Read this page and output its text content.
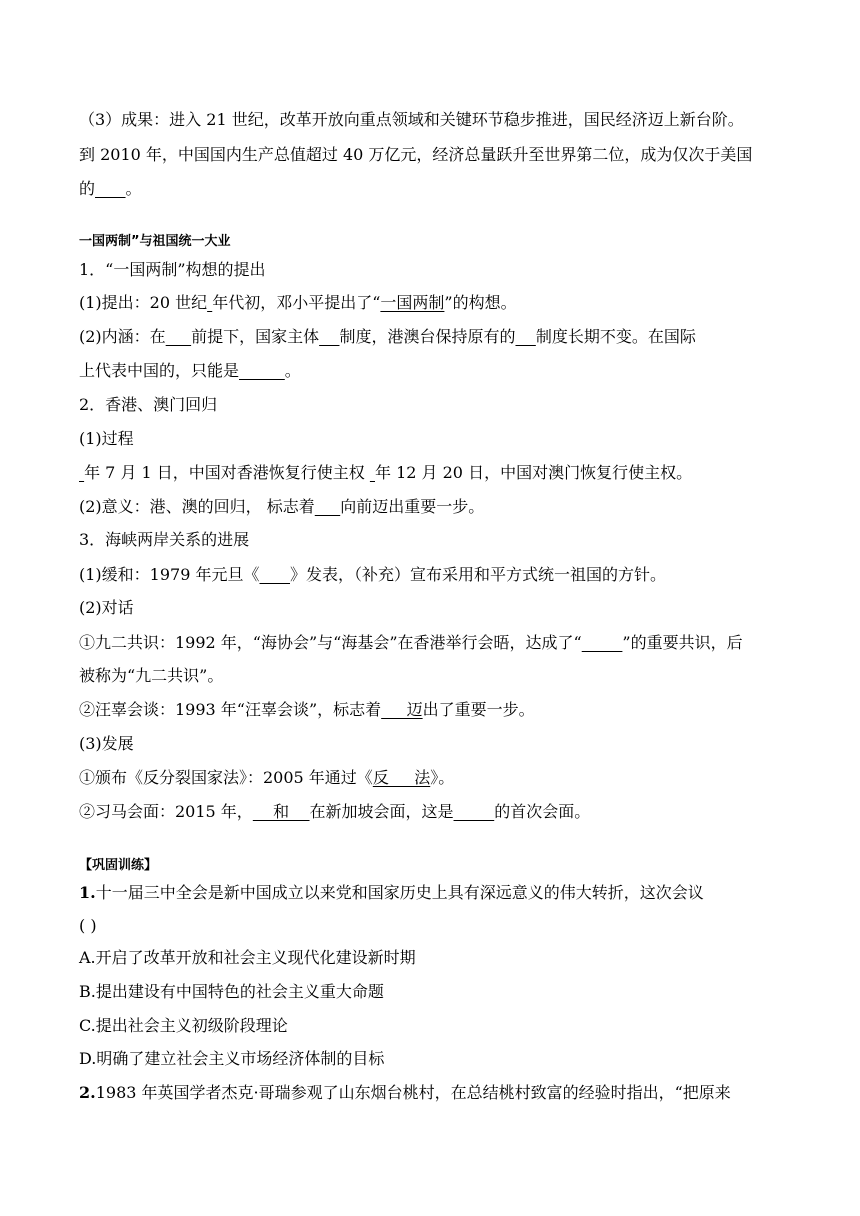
（3）成果：进入 21 世纪，改革开放向重点领域和关键环节稳步推进，国民经济迈上新台阶。
到 2010 年，中国国内生产总值超过 40 万亿元，经济总量跃升至世界第二位，成为仅次于美国
的 。
一国两制”与祖国统一大业
1．“一国两制”构想的提出
(1)提出：20 世纪 年代初，邓小平提出了“一国两制”的构想。
(2)内涵：在 前提下，国家主体 制度，港澳台保持原有的 制度长期不变。在国际
上代表中国的，只能是	。
2．香港、澳门回归
(1)过程
年 7 月 1 日，中国对香港恢复行使主权 年 12 月 20 日，中国对澳门恢复行使主权。
(2)意义：港、澳的回归， 标志着 向前迈出重要一步。
3．海峡两岸关系的进展
(1)缓和：1979 年元旦《 》发表，（补充）宣布采用和平方式统一祖国的方针。
(2)对话
①九二共识：1992 年，“海协会”与“海基会”在香港举行会晤，达成了“	”的重要共识，后
被称为“九二共识”。
②汪辜会谈：1993 年“汪辜会谈”，标志着     迈出了重要一步。
(3)发展
①颁布《反分裂国家法》：2005 年通过《反     法》。
②习马会面：2015 年，    和    在新加坡会面，这是	的首次会面。
【巩固训练】
1.十一届三中全会是新中国成立以来党和国家历史上具有深远意义的伟大转折，这次会议
( )
A.开启了改革开放和社会主义现代化建设新时期
B.提出建设有中国特色的社会主义重大命题
C.提出社会主义初级阶段理论
D.明确了建立社会主义市场经济体制的目标
2.1983 年英国学者杰克·哥瑞参观了山东烟台桃村，在总结桃村致富的经验时指出，“把原来
